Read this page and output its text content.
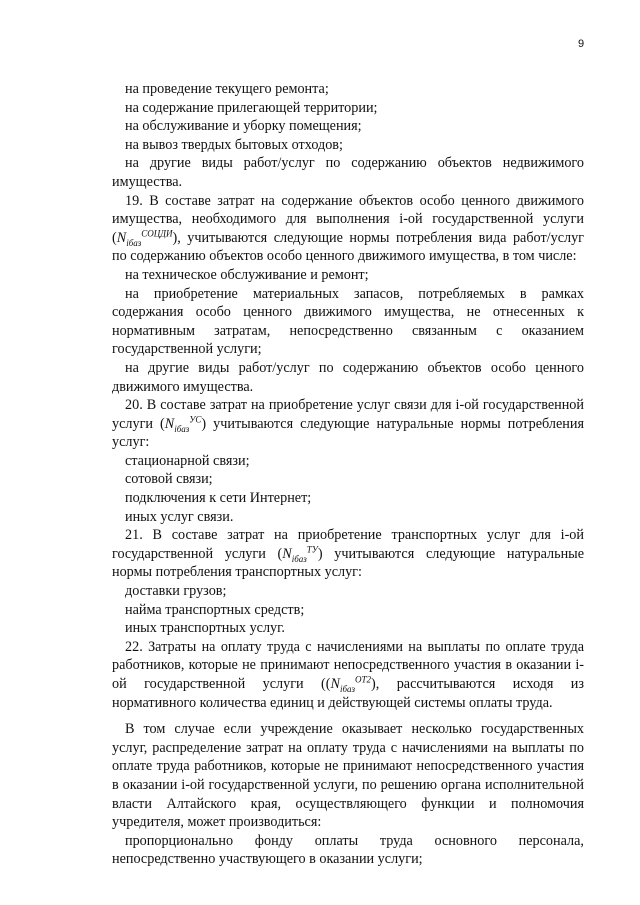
9

на проведение текущего ремонта;

на содержание прилегающей территории;

на обслуживание и уборку помещения;

на вывоз твердых бытовых отходов;

на другие виды работ/услуг по содержанию объектов недвижимого имущества.

19. В составе затрат на содержание объектов особо ценного движимого имущества, необходимого для выполнения i-ой государственной услуги $(N_{iбаз}^{СОЦДИ})$, учитываются следующие нормы потребления вида работ/услуг по содержанию объектов особо ценного движимого имущества, в том числе:

на техническое обслуживание и ремонт;

на приобретение материальных запасов, потребляемых в рамках содержания особо ценного движимого имущества, не отнесенных к нормативным затратам, непосредственно связанным с оказанием государственной услуги;

на другие виды работ/услуг по содержанию объектов особо ценного движимого имущества.

20. В составе затрат на приобретение услуг связи для i-ой государственной услуги $(N_{iбаз}^{УС})$ учитываются следующие натуральные нормы потребления услуг:

стационарной связи;

сотовой связи;

подключения к сети Интернет;

иных услуг связи.

21. В составе затрат на приобретение транспортных услуг для i-ой государственной услуги $(N_{iбаз}^{ТУ})$ учитываются следующие натуральные нормы потребления транспортных услуг:

доставки грузов;

найма транспортных средств;

иных транспортных услуг.

22. Затраты на оплату труда с начислениями на выплаты по оплате труда работников, которые не принимают непосредственного участия в оказании i-ой государственной услуги ($(N_{iбаз}^{ОТ2})$, рассчитываются исходя из нормативного количества единиц и действующей системы оплаты труда.

В том случае если учреждение оказывает несколько государственных услуг, распределение затрат на оплату труда с начислениями на выплаты по оплате труда работников, которые не принимают непосредственного участия в оказании i-ой государственной услуги, по решению органа исполнительной власти Алтайского края, осуществляющего функции и полномочия учредителя, может производиться:

пропорционально фонду оплаты труда основного персонала,

непосредственно участвующего в оказании услуги;
